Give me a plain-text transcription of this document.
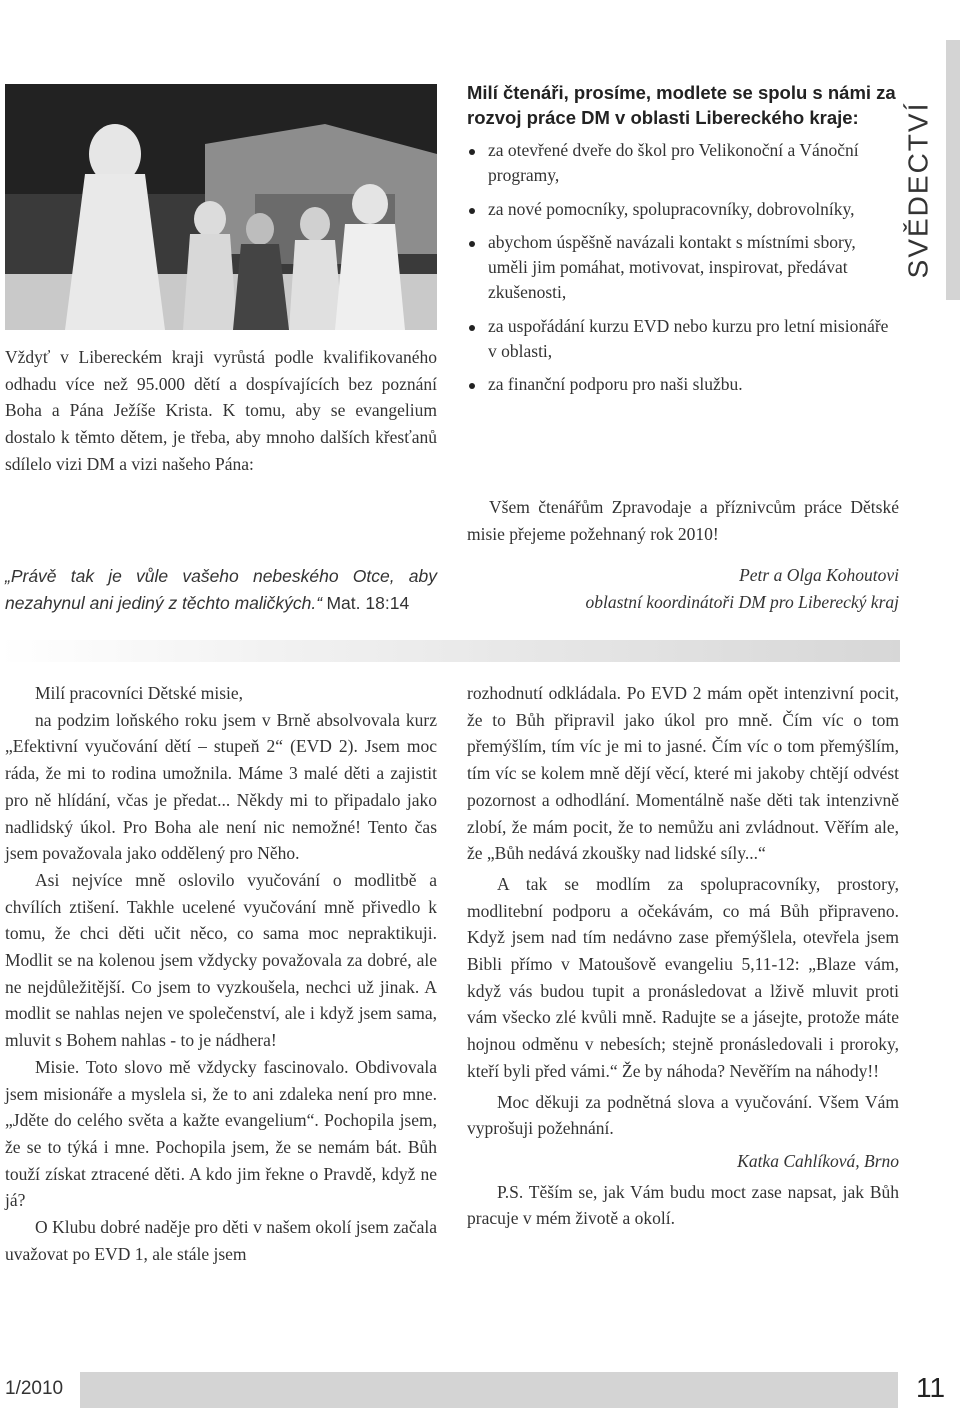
Vždyť v Libereckém kraji vyrůstá podle kvalifikovaného odhadu více než 95.000 dětí a dospívajících bez poznání Boha a Pána Ježíše Krista. K tomu, aby se evangelium dostalo k těmto dětem, je třeba, aby mnoho dalších křesťanů sdílelo vizi DM a vizi našeho Pána:

„Právě tak je vůle vašeho nebeského Otce, aby nezahynul ani jediný z těchto maličkých.“ Mat. 18:14
Milí čtenáři, prosíme, modlete se spolu s námi za rozvoj práce DM v oblasti Libereckého kraje:
za otevřené dveře do škol pro Velikonoční a Vánoční programy,
za nové pomocníky, spolupracovníky, dobrovolníky,
abychom úspěšně navázali kontakt s místními sbory, uměli jim pomáhat, motivovat, inspirovat, předávat zkušenosti,
za uspořádání kurzu EVD nebo kurzu pro letní misionáře v oblasti,
za finanční podporu pro naši službu.
Všem čtenářům Zpravodaje a příznivcům práce Dětské misie přejeme požehnaný rok 2010!
Petr a Olga Kohoutovi
oblastní koordinátoři DM pro Liberecký kraj
SVĚDECTVÍ

Milí pracovníci Dětské misie,

na podzim loňského roku jsem v Brně absolvovala kurz „Efektivní vyučování dětí – stupeň 2“ (EVD 2). Jsem moc ráda, že mi to rodina umožnila. Máme 3 malé děti a zajistit pro ně hlídání, včas je předat... Někdy mi to připadalo jako nadlidský úkol. Pro Boha ale není nic nemožné! Tento čas jsem považovala jako oddělený pro Něho.

Asi nejvíce mně oslovilo vyučování o modlitbě a chvílích ztišení. Takhle ucelené vyučování mně přivedlo k tomu, že chci děti učit něco, co sama moc nepraktikuji. Modlit se na kolenou jsem vždycky považovala za dobré, ale ne nejdůležitější. Co jsem to vyzkoušela, nechci už jinak. A modlit se nahlas nejen ve společenství, ale i když jsem sama, mluvit s Bohem nahlas - to je nádhera!

Misie. Toto slovo mě vždycky fascinovalo. Obdivovala jsem misionáře a myslela si, že to ani zdaleka není pro mne. „Jděte do celého světa a kažte evangelium“. Pochopila jsem, že se to týká i mne. Pochopila jsem, že se nemám bát. Bůh touží získat ztracené děti. A kdo jim řekne o Pravdě, když ne já?

O Klubu dobré naděje pro děti v našem okolí jsem začala uvažovat po EVD 1, ale stále jsem

rozhodnutí odkládala. Po EVD 2 mám opět intenzivní pocit, že to Bůh připravil jako úkol pro mně. Čím víc o tom přemýšlím, tím víc je mi to jasné. Čím víc o tom přemýšlím, tím víc se kolem mně dějí věcí, které mi jakoby chtějí odvést pozornost a odhodlání. Momentálně naše děti tak intenzivně zlobí, že mám pocit, že to nemůžu ani zvládnout. Věřím ale, že „Bůh nedává zkoušky nad lidské síly...“

A tak se modlím za spolupracovníky, prostory, modlitební podporu a očekávám, co má Bůh připraveno. Když jsem nad tím nedávno zase přemýšlela, otevřela jsem Bibli přímo v Matoušově evangeliu 5,11-12: „Blaze vám, když vás budou tupit a pronásledovat a lživě mluvit proti vám všecko zlé kvůli mně. Radujte se a jásejte, protože máte hojnou odměnu v nebesích; stejně pronásledovali i proroky, kteří byli před vámi.“ Že by náhoda? Nevěřím na náhody!!

Moc děkuji za podnětná slova a vyučování. Všem Vám vyprošuji požehnání.

Katka Cahlíková, Brno

P.S. Těším se, jak Vám budu moct zase napsat, jak Bůh pracuje v mém životě a okolí.

1/2010	11
